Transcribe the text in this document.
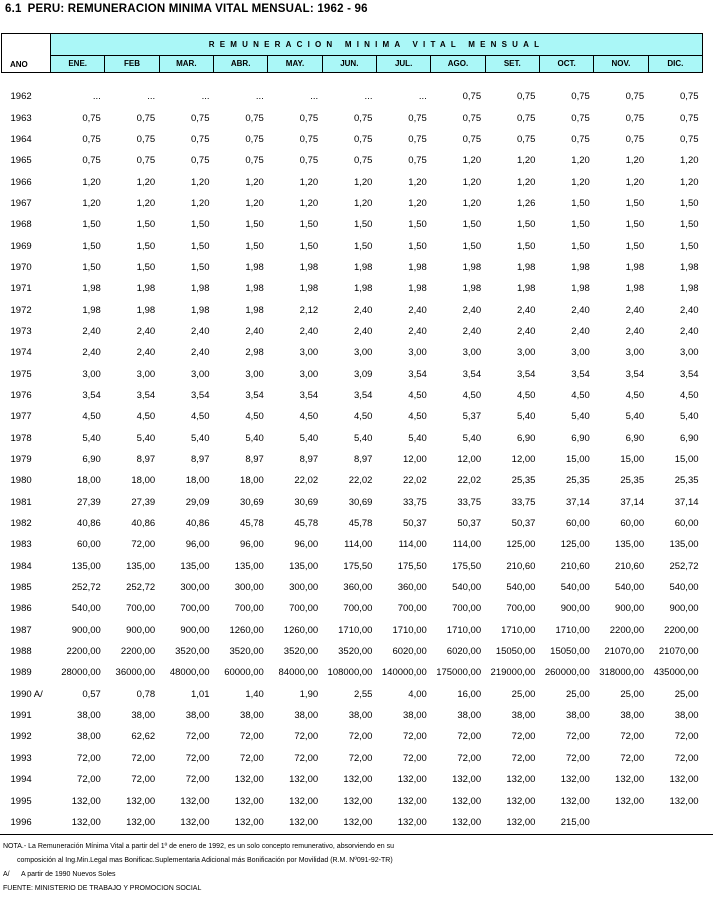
6.1 PERU: REMUNERACION MINIMA VITAL MENSUAL: 1962 - 96
ANO	REMUNERACION MINIMA VITAL MENSUAL											
	ENE.	FEB	MAR.	ABR.	MAY.	JUN.	JUL.	AGO.	SET.	OCT.	NOV.	DIC.

1962	...	...	...	...	...	...	...	0,75	0,75	0,75	0,75	0,75
1963	0,75	0,75	0,75	0,75	0,75	0,75	0,75	0,75	0,75	0,75	0,75	0,75
1964	0,75	0,75	0,75	0,75	0,75	0,75	0,75	0,75	0,75	0,75	0,75	0,75
1965	0,75	0,75	0,75	0,75	0,75	0,75	0,75	1,20	1,20	1,20	1,20	1,20
1966	1,20	1,20	1,20	1,20	1,20	1,20	1,20	1,20	1,20	1,20	1,20	1,20
1967	1,20	1,20	1,20	1,20	1,20	1,20	1,20	1,20	1,26	1,50	1,50	1,50
1968	1,50	1,50	1,50	1,50	1,50	1,50	1,50	1,50	1,50	1,50	1,50	1,50
1969	1,50	1,50	1,50	1,50	1,50	1,50	1,50	1,50	1,50	1,50	1,50	1,50
1970	1,50	1,50	1,50	1,98	1,98	1,98	1,98	1,98	1,98	1,98	1,98	1,98
1971	1,98	1,98	1,98	1,98	1,98	1,98	1,98	1,98	1,98	1,98	1,98	1,98
1972	1,98	1,98	1,98	1,98	2,12	2,40	2,40	2,40	2,40	2,40	2,40	2,40
1973	2,40	2,40	2,40	2,40	2,40	2,40	2,40	2,40	2,40	2,40	2,40	2,40
1974	2,40	2,40	2,40	2,98	3,00	3,00	3,00	3,00	3,00	3,00	3,00	3,00
1975	3,00	3,00	3,00	3,00	3,00	3,09	3,54	3,54	3,54	3,54	3,54	3,54
1976	3,54	3,54	3,54	3,54	3,54	3,54	4,50	4,50	4,50	4,50	4,50	4,50
1977	4,50	4,50	4,50	4,50	4,50	4,50	4,50	5,37	5,40	5,40	5,40	5,40
1978	5,40	5,40	5,40	5,40	5,40	5,40	5,40	5,40	6,90	6,90	6,90	6,90
1979	6,90	8,97	8,97	8,97	8,97	8,97	12,00	12,00	12,00	15,00	15,00	15,00
1980	18,00	18,00	18,00	18,00	22,02	22,02	22,02	22,02	25,35	25,35	25,35	25,35
1981	27,39	27,39	29,09	30,69	30,69	30,69	33,75	33,75	33,75	37,14	37,14	37,14
1982	40,86	40,86	40,86	45,78	45,78	45,78	50,37	50,37	50,37	60,00	60,00	60,00
1983	60,00	72,00	96,00	96,00	96,00	114,00	114,00	114,00	125,00	125,00	135,00	135,00
1984	135,00	135,00	135,00	135,00	135,00	175,50	175,50	175,50	210,60	210,60	210,60	252,72
1985	252,72	252,72	300,00	300,00	300,00	360,00	360,00	540,00	540,00	540,00	540,00	540,00
1986	540,00	700,00	700,00	700,00	700,00	700,00	700,00	700,00	700,00	900,00	900,00	900,00
1987	900,00	900,00	900,00	1260,00	1260,00	1710,00	1710,00	1710,00	1710,00	1710,00	2200,00	2200,00
1988	2200,00	2200,00	3520,00	3520,00	3520,00	3520,00	6020,00	6020,00	15050,00	15050,00	21070,00	21070,00
1989	28000,00	36000,00	48000,00	60000,00	84000,00	108000,00	140000,00	175000,00	219000,00	260000,00	318000,00	435000,00
1990 A/	0,57	0,78	1,01	1,40	1,90	2,55	4,00	16,00	25,00	25,00	25,00	25,00
1991	38,00	38,00	38,00	38,00	38,00	38,00	38,00	38,00	38,00	38,00	38,00	38,00
1992	38,00	62,62	72,00	72,00	72,00	72,00	72,00	72,00	72,00	72,00	72,00	72,00
1993	72,00	72,00	72,00	72,00	72,00	72,00	72,00	72,00	72,00	72,00	72,00	72,00
1994	72,00	72,00	72,00	132,00	132,00	132,00	132,00	132,00	132,00	132,00	132,00	132,00
1995	132,00	132,00	132,00	132,00	132,00	132,00	132,00	132,00	132,00	132,00	132,00	132,00
1996	132,00	132,00	132,00	132,00	132,00	132,00	132,00	132,00	132,00	215,00		
NOTA.- La Remuneración Mínima Vital a partir del 1º de enero de 1992, es un solo concepto remunerativo, absorviendo en su
composición al Ing.Min.Legal mas Bonificac.Suplementaria Adicional más Bonificación por Movilidad (R.M. Nº091-92-TR)
A/ A partir de 1990 Nuevos Soles
FUENTE: MINISTERIO DE TRABAJO Y PROMOCION SOCIAL
